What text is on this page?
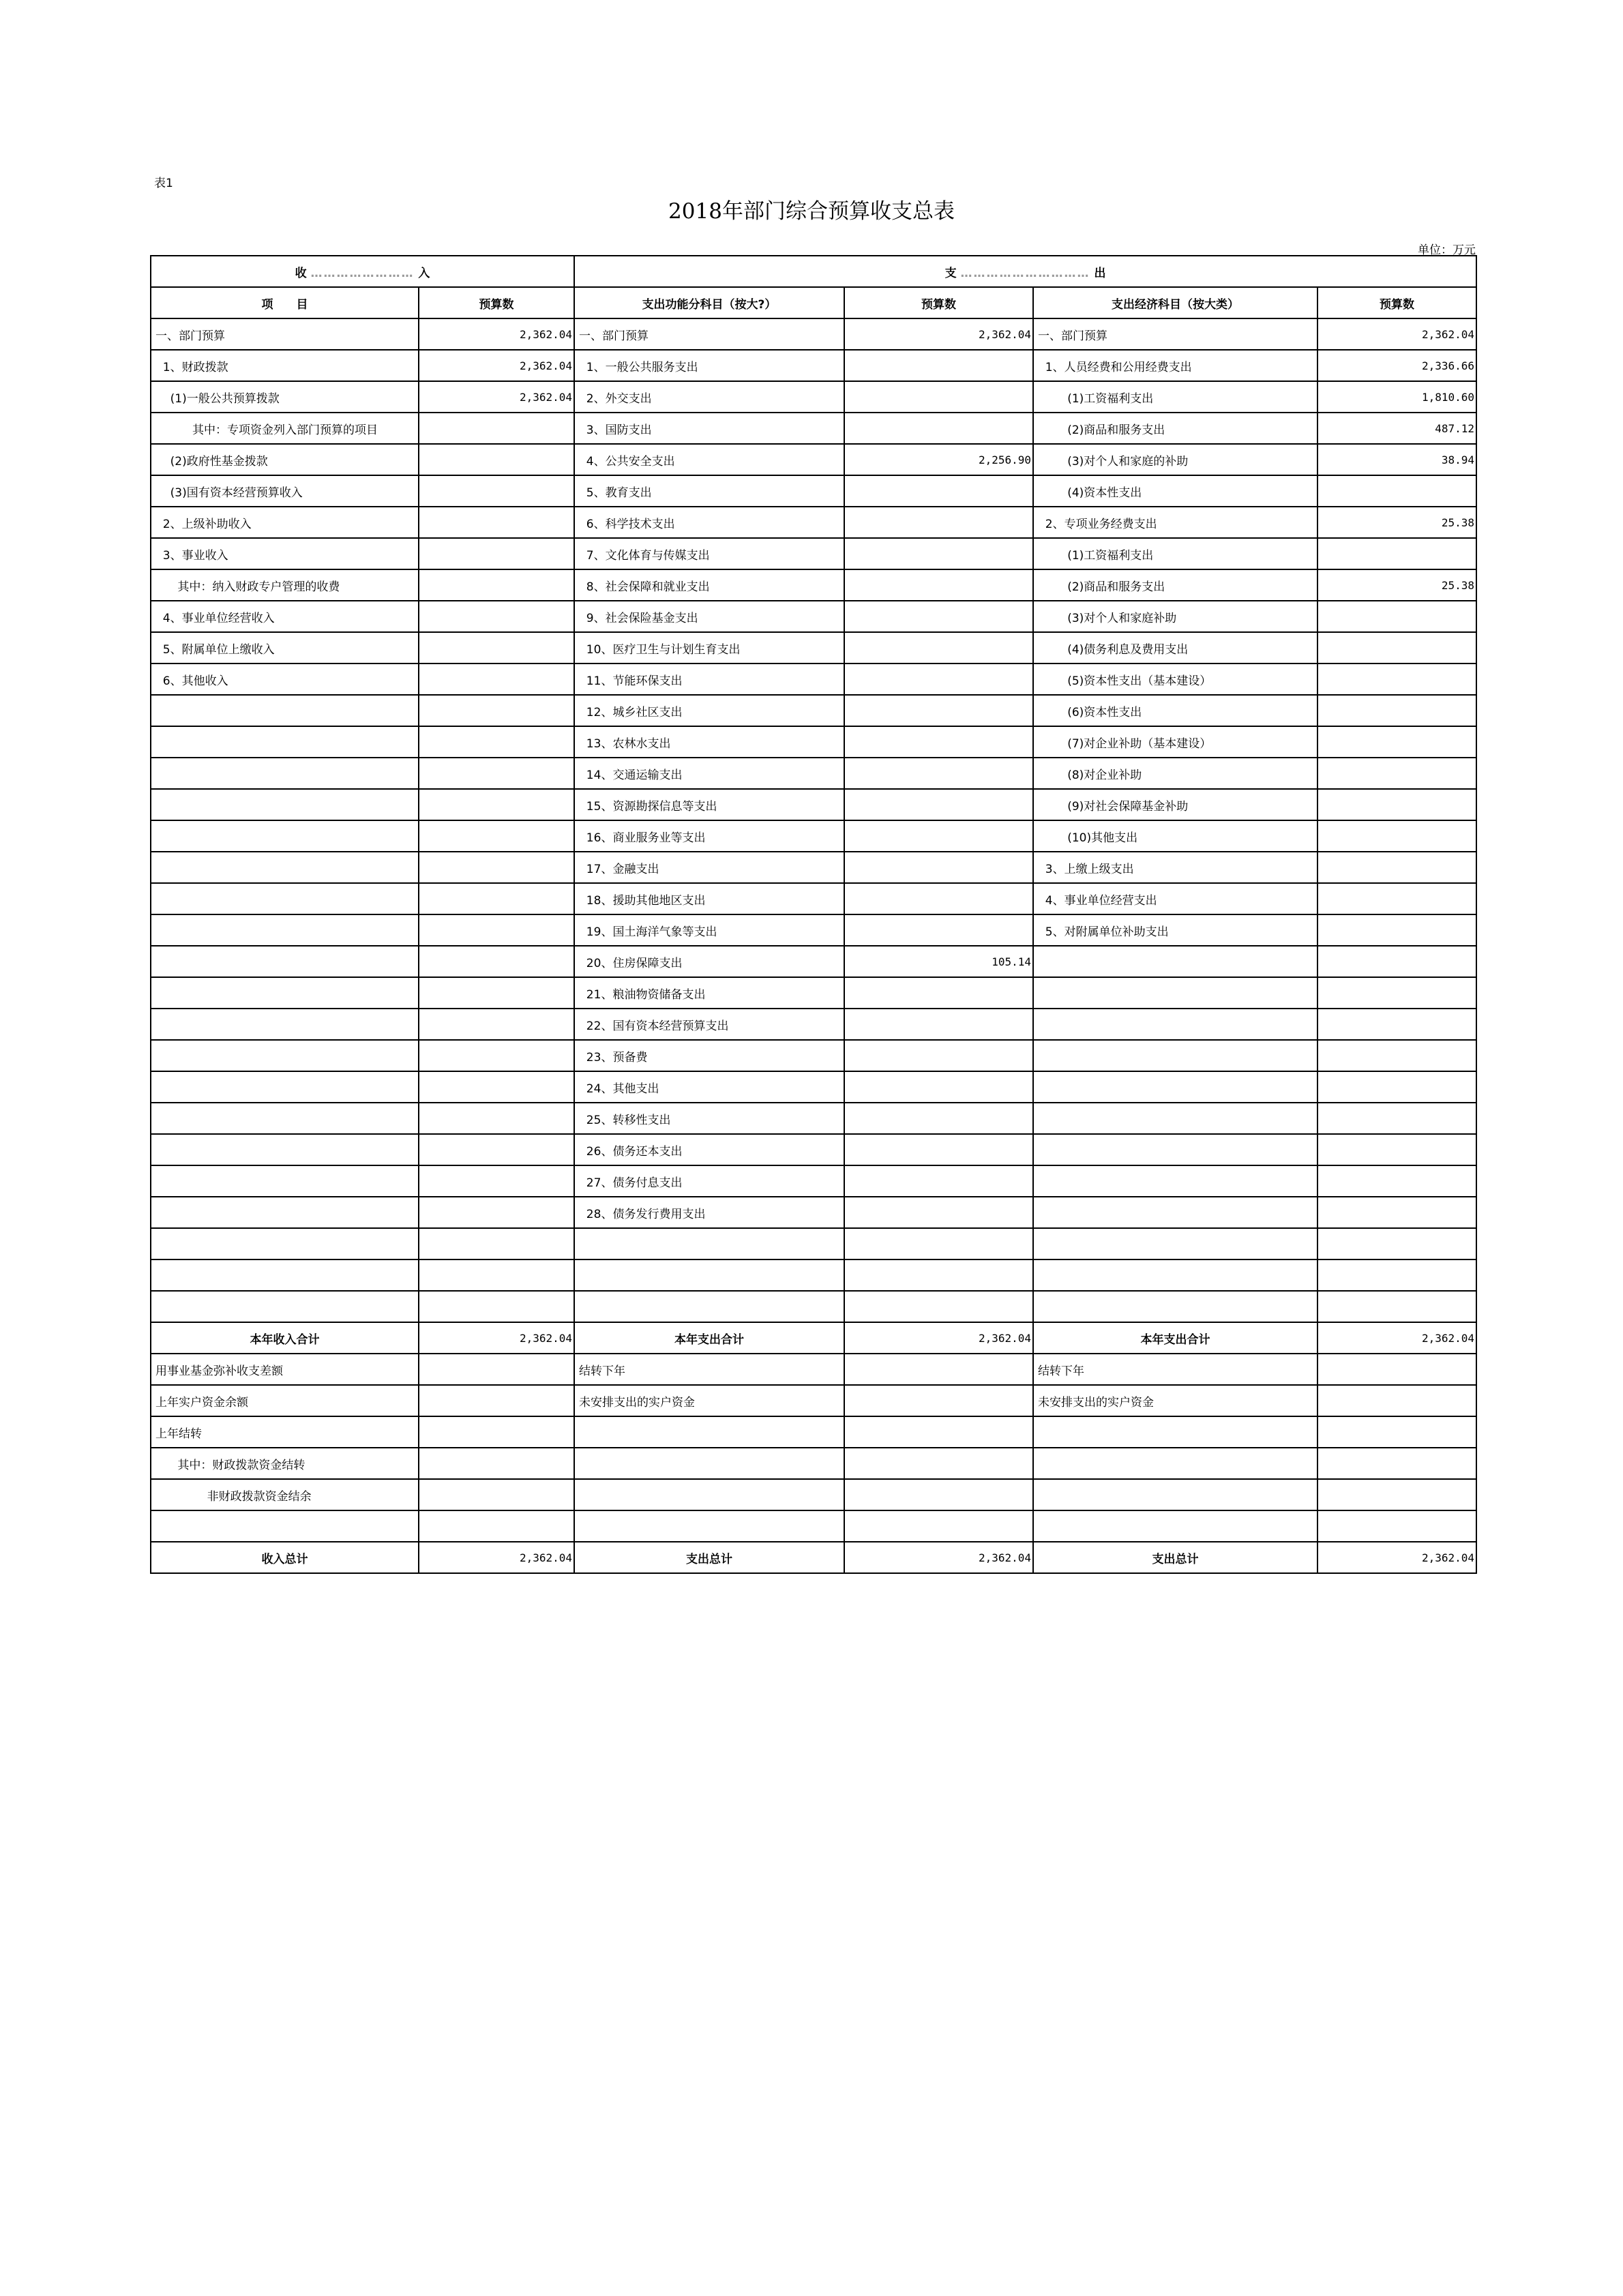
表1
2018年部门综合预算收支总表
单位：万元
收 …………………… 入		支 ………………………… 出			
项　　目	预算数	支出功能分科目（按大?）	预算数	支出经济科目（按大类）	预算数
一、部门预算	2,362.04	一、部门预算	2,362.04	一、部门预算	2,362.04
1、财政拨款	2,362.04	1、一般公共服务支出		1、人员经费和公用经费支出	2,336.66
(1)一般公共预算拨款	2,362.04	2、外交支出		(1)工资福利支出	1,810.60
其中：专项资金列入部门预算的项目		3、国防支出		(2)商品和服务支出	487.12
(2)政府性基金拨款		4、公共安全支出	2,256.90	(3)对个人和家庭的补助	38.94
(3)国有资本经营预算收入		5、教育支出		(4)资本性支出	
2、上级补助收入		6、科学技术支出		2、专项业务经费支出	25.38
3、事业收入		7、文化体育与传媒支出		(1)工资福利支出	
其中：纳入财政专户管理的收费		8、社会保障和就业支出		(2)商品和服务支出	25.38
4、事业单位经营收入		9、社会保险基金支出		(3)对个人和家庭补助	
5、附属单位上缴收入		10、医疗卫生与计划生育支出		(4)债务利息及费用支出	
6、其他收入		11、节能环保支出		(5)资本性支出（基本建设）	
		12、城乡社区支出		(6)资本性支出	
		13、农林水支出		(7)对企业补助（基本建设）	
		14、交通运输支出		(8)对企业补助	
		15、资源勘探信息等支出		(9)对社会保障基金补助	
		16、商业服务业等支出		(10)其他支出	
		17、金融支出		3、上缴上级支出	
		18、援助其他地区支出		4、事业单位经营支出	
		19、国土海洋气象等支出		5、对附属单位补助支出	
		20、住房保障支出	105.14		
		21、粮油物资储备支出			
		22、国有资本经营预算支出			
		23、预备费			
		24、其他支出			
		25、转移性支出			
		26、债务还本支出			
		27、债务付息支出			
		28、债务发行费用支出			

本年收入合计	2,362.04	本年支出合计	2,362.04	本年支出合计	2,362.04
用事业基金弥补收支差额		结转下年		结转下年	
上年实户资金余额		未安排支出的实户资金		未安排支出的实户资金	
上年结转					
其中：财政拨款资金结转					
非财政拨款资金结余					

收入总计	2,362.04	支出总计	2,362.04	支出总计	2,362.04
